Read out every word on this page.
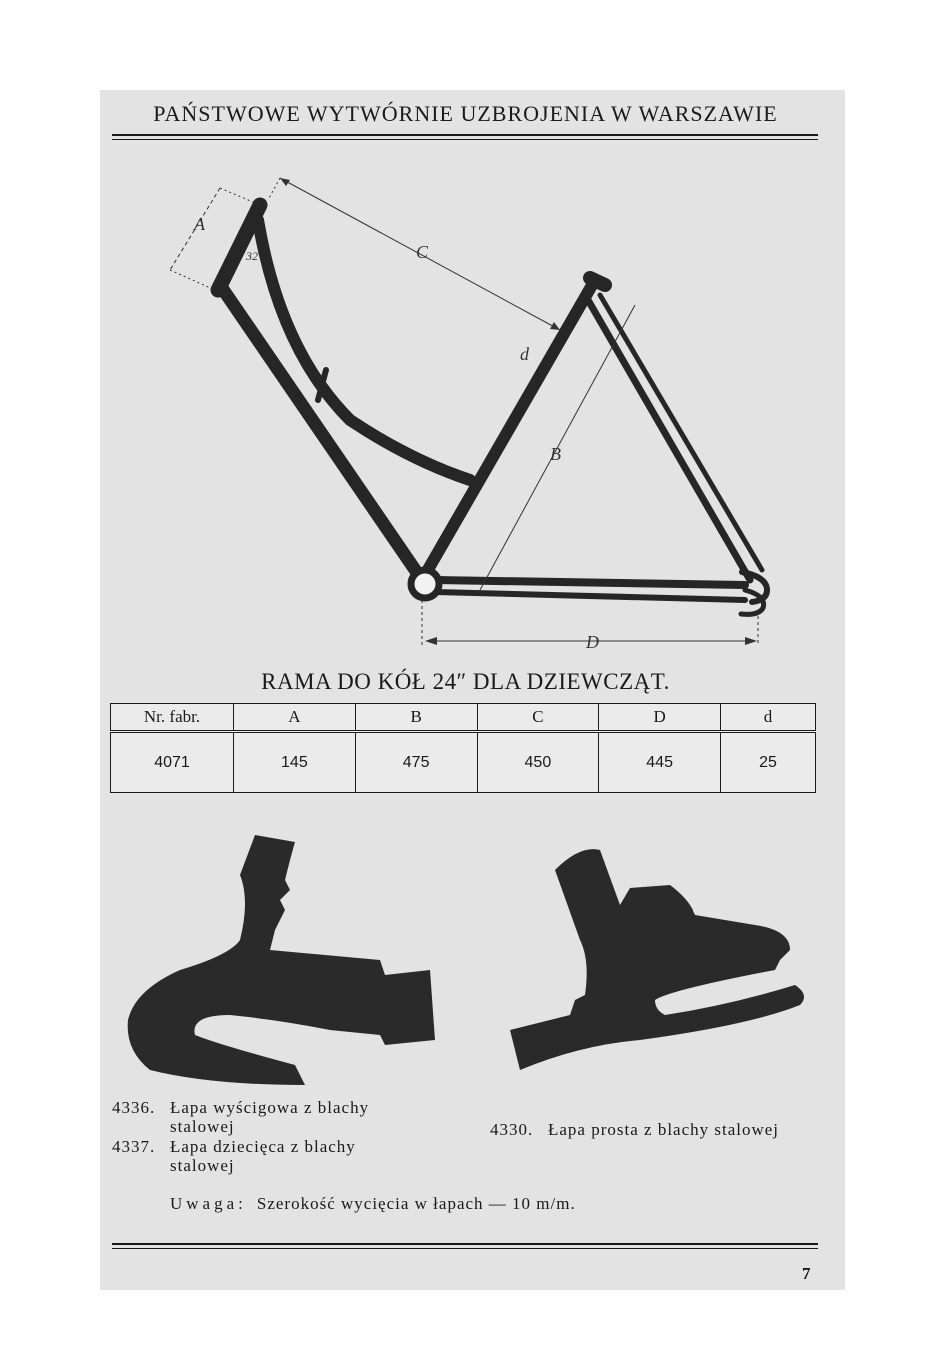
PAŃSTWOWE WYTWÓRNIE UZBROJENIA W WARSZAWIE
A
32	C
d
B
D
RAMA DO KÓŁ 24″ DLA DZIEWCZĄT.
Nr. fabr.	A	B	C	D	d
4071	145	475	450	445	25
4336. Łapa wyścigowa z blachy
stalowej
4337. Łapa dziecięca z blachy
stalowej
4330. Łapa prosta z blachy stalowej
Uwaga: Szerokość wycięcia w łapach — 10 m/m.
7
